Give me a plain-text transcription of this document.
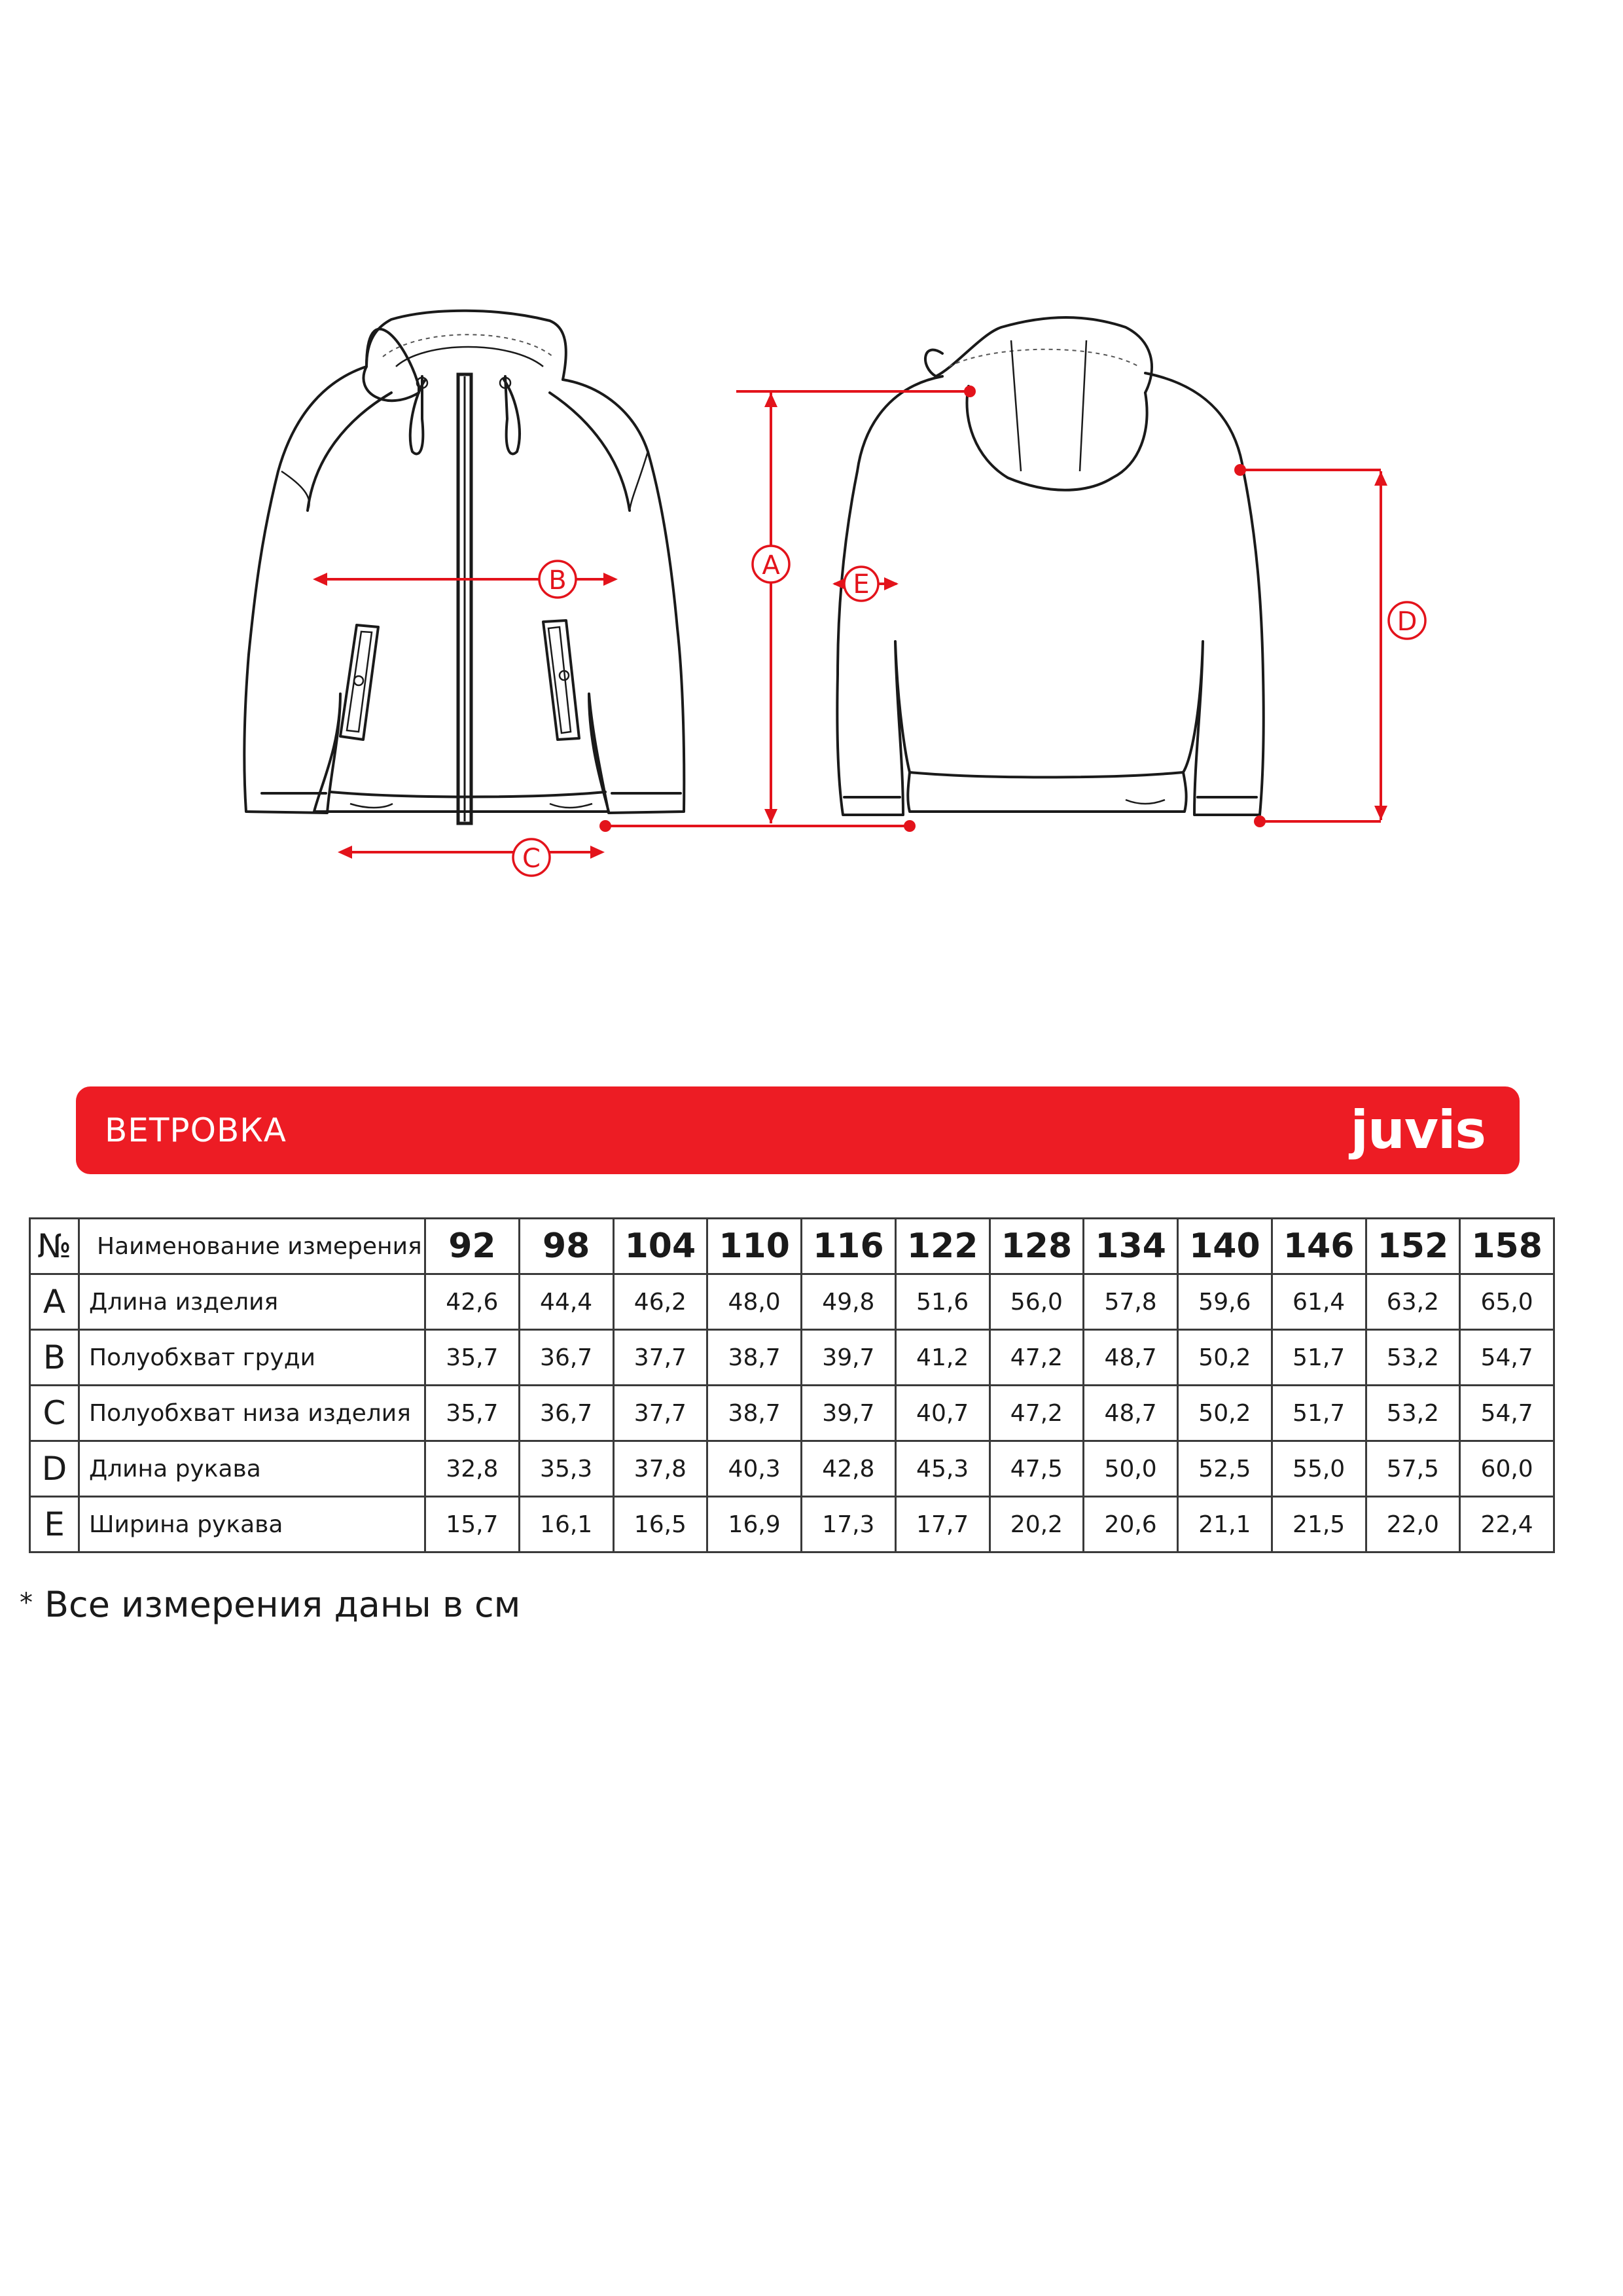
B
C
A
D
E
ВЕТРОВКА	juvis
№	Наименование измерения	92	98	104	110	116	122	128	134	140	146	152	158
A	Длина изделия	42,6	44,4	46,2	48,0	49,8	51,6	56,0	57,8	59,6	61,4	63,2	65,0
B	Полуобхват груди	35,7	36,7	37,7	38,7	39,7	41,2	47,2	48,7	50,2	51,7	53,2	54,7
C	Полуобхват низа изделия	35,7	36,7	37,7	38,7	39,7	40,7	47,2	48,7	50,2	51,7	53,2	54,7
D	Длина рукава	32,8	35,3	37,8	40,3	42,8	45,3	47,5	50,0	52,5	55,0	57,5	60,0
E	Ширина рукава	15,7	16,1	16,5	16,9	17,3	17,7	20,2	20,6	21,1	21,5	22,0	22,4
* Все измерения даны в см
